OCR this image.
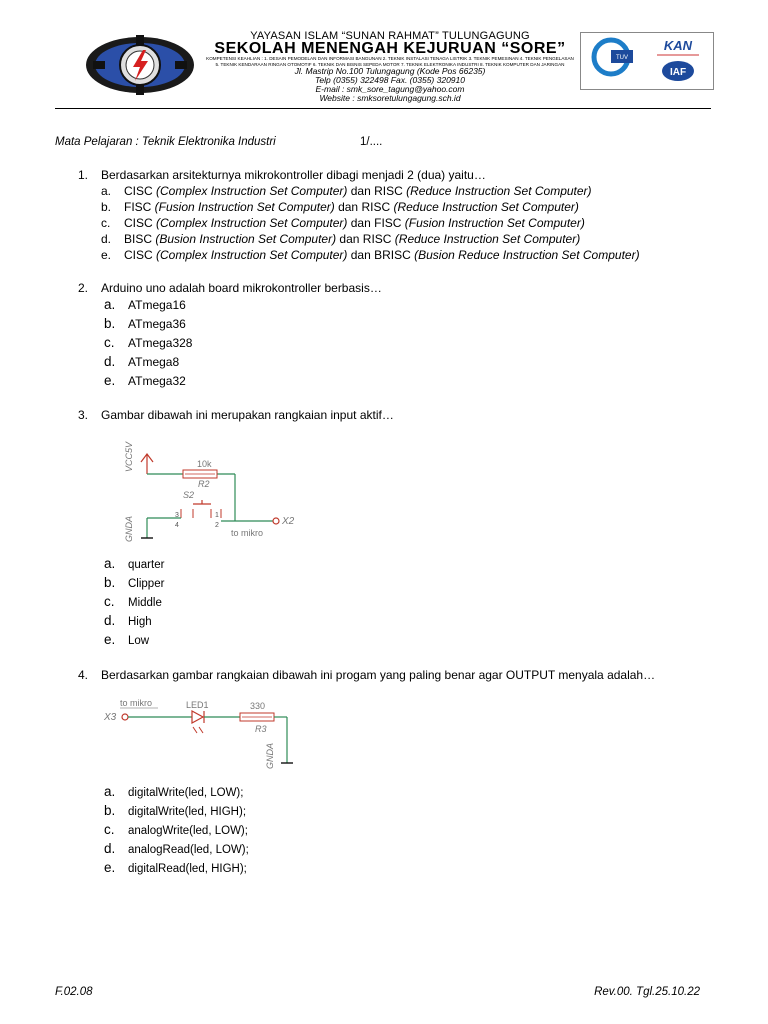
YAYASAN ISLAM “SUNAN RAHMAT” TULUNGAGUNG
SEKOLAH MENENGAH KEJURUAN “SORE”
KOMPETENSI KEAHLIAN : 1. DESAIN PEMODELAN DAN INFORMASI BANGUNAN 2. TEKNIK INSTALASI TENAGA LISTRIK 3. TEKNIK PEMESINAN 4. TEKNIK PENGELASAN
5. TEKNIK KENDARAAN RINGAN OTOMOTIF 6. TEKNIK DAN BISNIS SEPEDA MOTOR 7. TEKNIK ELEKTRONIKA INDUSTRI 8. TEKNIK KOMPUTER DAN JARINGAN
Jl. Mastrip No.100 Tulungagung (Kode Pos 66235)
Telp (0355) 322498 Fax. (0355) 320910
E-mail : smk_sore_tagung@yahoo.com
Website : smksoretulungagung.sch.id
TUV
KAN
IAF
Mata Pelajaran : Teknik Elektronika Industri	1/....
1. Berdasarkan arsitekturnya mikrokontroller dibagi menjadi 2 (dua) yaitu…
a. CISC (Complex Instruction Set Computer) dan RISC (Reduce Instruction Set Computer)
b. FISC (Fusion Instruction Set Computer) dan RISC (Reduce Instruction Set Computer)
c. CISC (Complex Instruction Set Computer) dan FISC (Fusion Instruction Set Computer)
d. BISC (Busion Instruction Set Computer) dan RISC (Reduce Instruction Set Computer)
e. CISC (Complex Instruction Set Computer) dan BRISC (Busion Reduce Instruction Set Computer)
2. Arduino uno adalah board mikrokontroller berbasis…
a. ATmega16
b. ATmega36
c. ATmega328
d. ATmega8
e. ATmega32
3. Gambar dibawah ini merupakan rangkaian input aktif…
VCC5V	10k
R2
S2
3
4
1
2
GNDA	X2
to mikro
a. quarter
b. Clipper
c. Middle
d. High
e. Low
4. Berdasarkan gambar rangkaian dibawah ini progam yang paling benar agar OUTPUT menyala adalah…
to mikro
X3
LED1	330
R3
GNDA
a. digitalWrite(led, LOW);
b. digitalWrite(led, HIGH);
c. analogWrite(led, LOW);
d. analogRead(led, LOW);
e. digitalRead(led, HIGH);
F.02.08	Rev.00. Tgl.25.10.22
